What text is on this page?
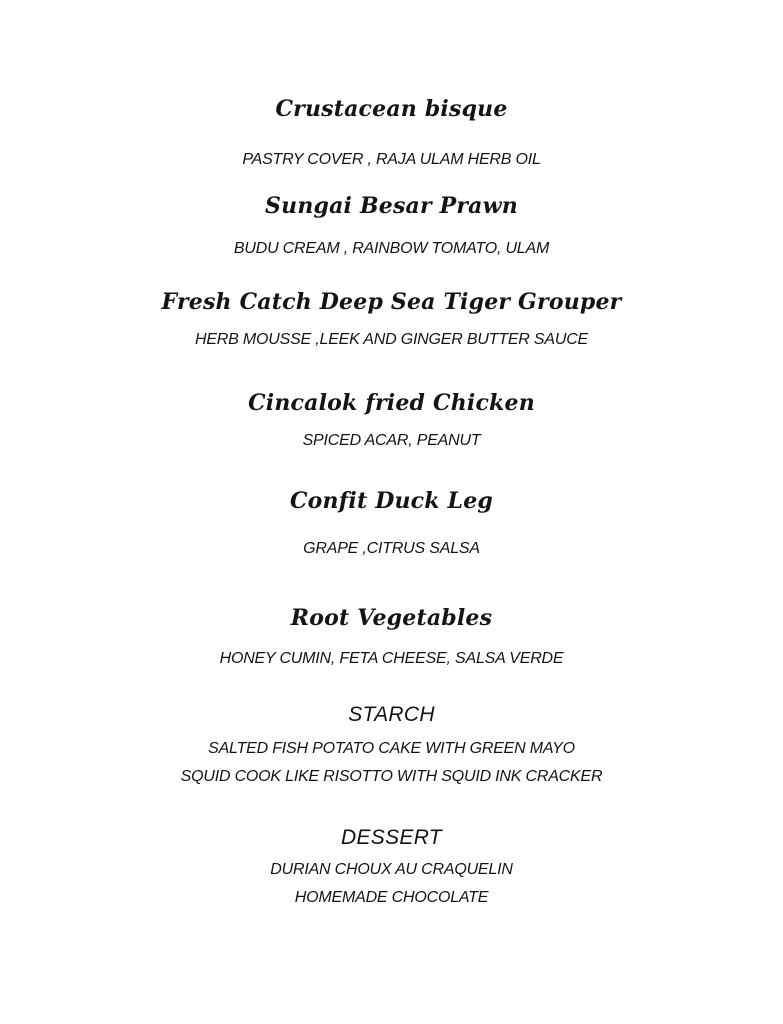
Crustacean bisque
PASTRY COVER , RAJA ULAM HERB OIL
Sungai Besar Prawn
BUDU CREAM , RAINBOW TOMATO, ULAM
Fresh Catch Deep Sea Tiger Grouper
HERB MOUSSE ,LEEK AND GINGER BUTTER SAUCE
Cincalok fried Chicken
SPICED ACAR, PEANUT
Confit Duck Leg
GRAPE ,CITRUS SALSA
Root Vegetables
HONEY CUMIN, FETA CHEESE, SALSA VERDE
STARCH
SALTED FISH POTATO CAKE WITH GREEN MAYO
SQUID COOK LIKE RISOTTO WITH SQUID INK CRACKER
DESSERT
DURIAN CHOUX AU CRAQUELIN
HOMEMADE CHOCOLATE
